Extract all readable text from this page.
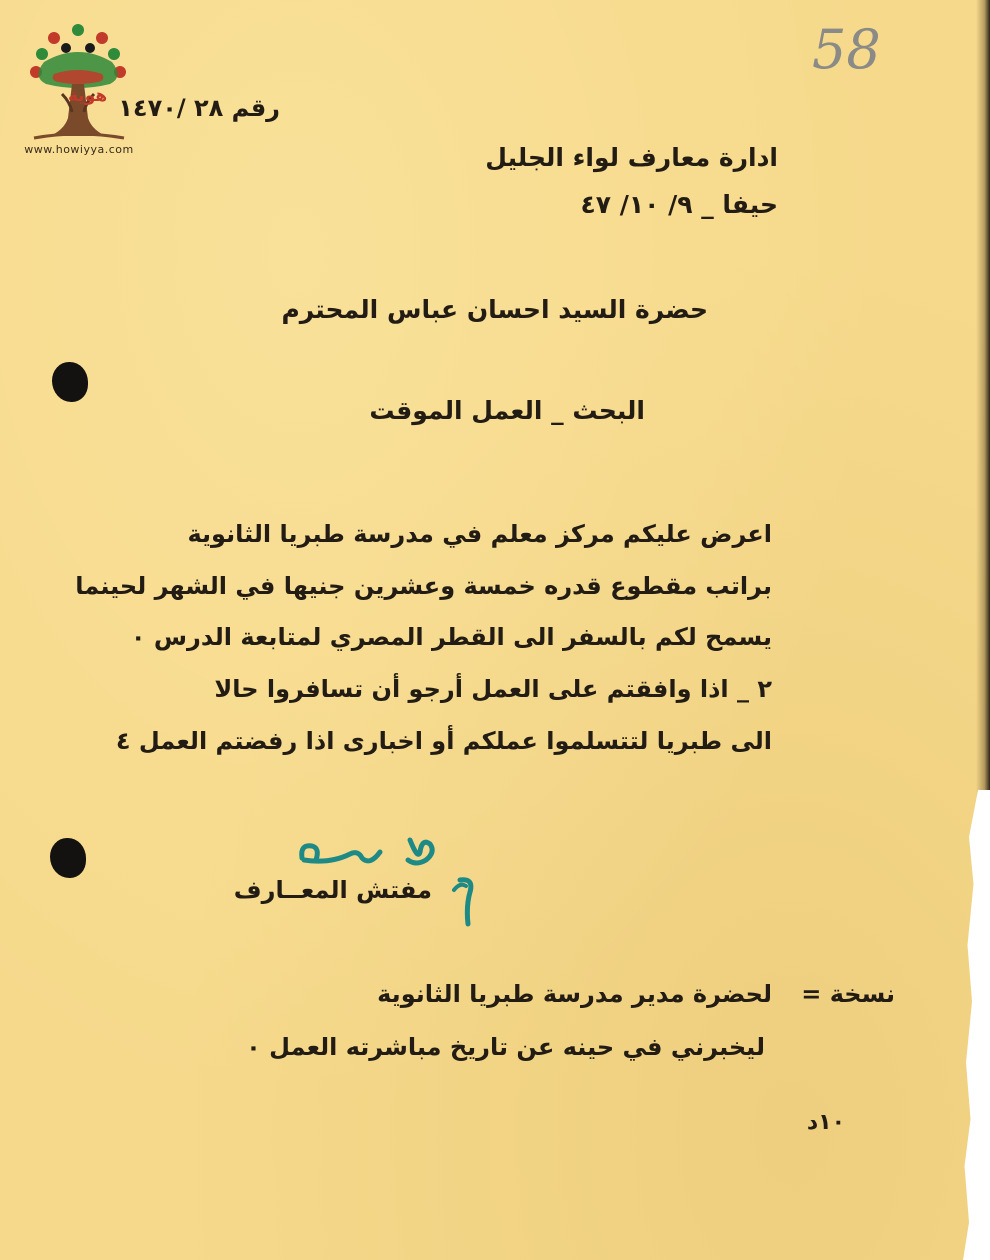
هوية
www.howiyya.com
58
رقم ٢٨ /١٤٧٠
ادارة معارف لواء الجليل
حيفا _ ٩/ ١٠/ ٤٧
حضرة السيد احسان عباس المحترم
البحث _ العمل الموقت
اعرض عليكم مركز معلم في مدرسة طبريا الثانوية
براتب مقطوع قدره خمسة وعشرين جنيها في الشهر لحينما
يسمح لكم بالسفر الى القطر المصري لمتابعة الدرس ٠
٢ _ اذا وافقتم على العمل أرجو أن تسافروا حالا
الى طبريا لتتسلموا عملكم أو اخبارى اذا رفضتم العمل ٤
مفتش المعــارف
نسخة =
لحضرة مدير مدرسة طبريا الثانوية
ليخبرني في حينه عن تاريخ مباشرته العمل ٠
١٠د
